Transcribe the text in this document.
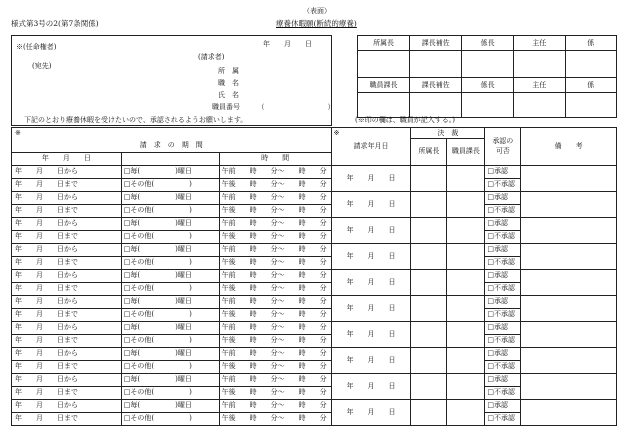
（表面）
様式第3号の2(第7条関係)	療養休暇願(断続的療養)
※(任命権者)
(宛先)
年　　月　　日
(請求者)
所　属
職　名
氏　名
職員番号　　　（　　　　　　　　　）
下記のとおり療養休暇を受けたいので、承認されるようお願いします。
所属長	課長補佐	係長	主任	係

職員課長	課長補佐	係長	主任	係

(※印の欄は、職員が記入する。)
※			※
請求年月日	決　裁		承認の可否	備　　考
請　求　の　期　間				所属長	職員課長		
年　　月　　日		時　　間					
年　　月　　日から	□毎(　　　　　)曜日	午前　　時　　分～　　時　　分	年　　月　　日			□承認	
年　　月　　日まで	□その他(　　　　　)	午後　　時　　分～　　時　　分				□不承認	
年　　月　　日から	□毎(　　　　　)曜日	午前　　時　　分～　　時　　分	年　　月　　日			□承認	
年　　月　　日まで	□その他(　　　　　)	午後　　時　　分～　　時　　分				□不承認	
年　　月　　日から	□毎(　　　　　)曜日	午前　　時　　分～　　時　　分	年　　月　　日			□承認	
年　　月　　日まで	□その他(　　　　　)	午後　　時　　分～　　時　　分				□不承認	
年　　月　　日から	□毎(　　　　　)曜日	午前　　時　　分～　　時　　分	年　　月　　日			□承認	
年　　月　　日まで	□その他(　　　　　)	午後　　時　　分～　　時　　分				□不承認	
年　　月　　日から	□毎(　　　　　)曜日	午前　　時　　分～　　時　　分	年　　月　　日			□承認	
年　　月　　日まで	□その他(　　　　　)	午後　　時　　分～　　時　　分				□不承認	
年　　月　　日から	□毎(　　　　　)曜日	午前　　時　　分～　　時　　分	年　　月　　日			□承認	
年　　月　　日まで	□その他(　　　　　)	午後　　時　　分～　　時　　分				□不承認	
年　　月　　日から	□毎(　　　　　)曜日	午前　　時　　分～　　時　　分	年　　月　　日			□承認	
年　　月　　日まで	□その他(　　　　　)	午後　　時　　分～　　時　　分				□不承認	
年　　月　　日から	□毎(　　　　　)曜日	午前　　時　　分～　　時　　分	年　　月　　日			□承認	
年　　月　　日まで	□その他(　　　　　)	午後　　時　　分～　　時　　分				□不承認	
年　　月　　日から	□毎(　　　　　)曜日	午前　　時　　分～　　時　　分	年　　月　　日			□承認	
年　　月　　日まで	□その他(　　　　　)	午後　　時　　分～　　時　　分				□不承認	
年　　月　　日から	□毎(　　　　　)曜日	午前　　時　　分～　　時　　分	年　　月　　日			□承認	
年　　月　　日まで	□その他(　　　　　)	午後　　時　　分～　　時　　分				□不承認	
